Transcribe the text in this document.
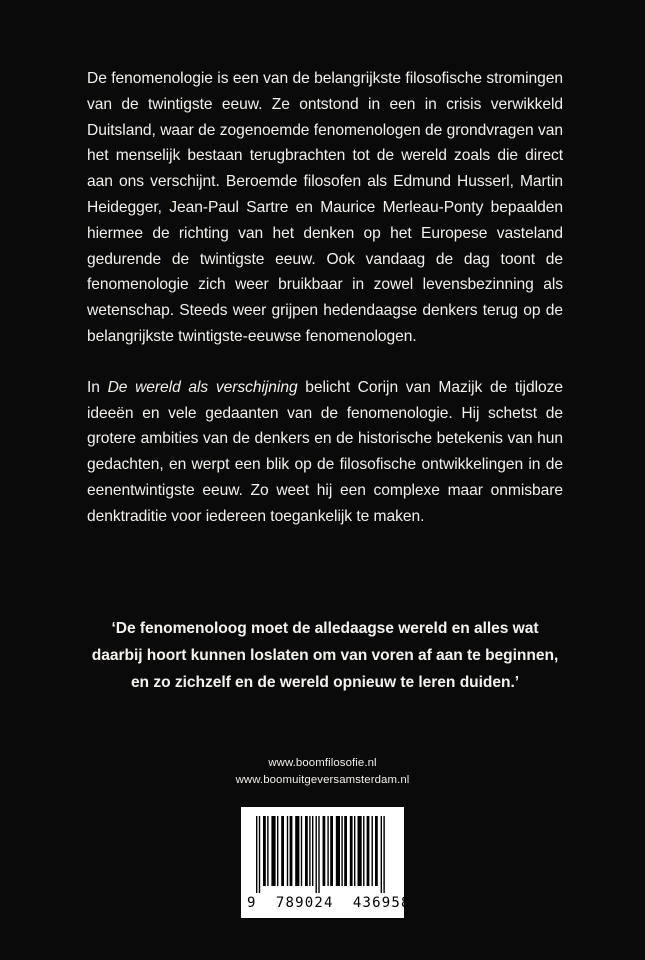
De fenomenologie is een van de belangrijkste filosofische stromingen van de twintigste eeuw. Ze ontstond in een in crisis verwikkeld Duitsland, waar de zogenoemde fenomenologen de grondvragen van het menselijk bestaan terugbrachten tot de wereld zoals die direct aan ons verschijnt. Beroemde filosofen als Edmund Husserl, Martin Heidegger, Jean-Paul Sartre en Maurice Merleau-Ponty bepaalden hiermee de richting van het denken op het Europese vasteland gedurende de twintigste eeuw. Ook vandaag de dag toont de fenomenologie zich weer bruikbaar in zowel levensbezinning als wetenschap. Steeds weer grijpen hedendaagse denkers terug op de belangrijkste twintigste-eeuwse fenomenologen.

In De wereld als verschijning belicht Corijn van Mazijk de tijdloze ideeën en vele gedaanten van de fenomenologie. Hij schetst de grotere ambities van de denkers en de historische betekenis van hun gedachten, en werpt een blik op de filosofische ontwikkelingen in de eenentwintigste eeuw. Zo weet hij een complexe maar onmisbare denktraditie voor iedereen toegankelijk te maken.

‘De fenomenoloog moet de alledaagse wereld en alles wat daarbij hoort kunnen loslaten om van voren af aan te beginnen, en zo zichzelf en de wereld opnieuw te leren duiden.’

www.boomfilosofie.nl
www.boomuitgeversamsterdam.nl
9  789024  436958
